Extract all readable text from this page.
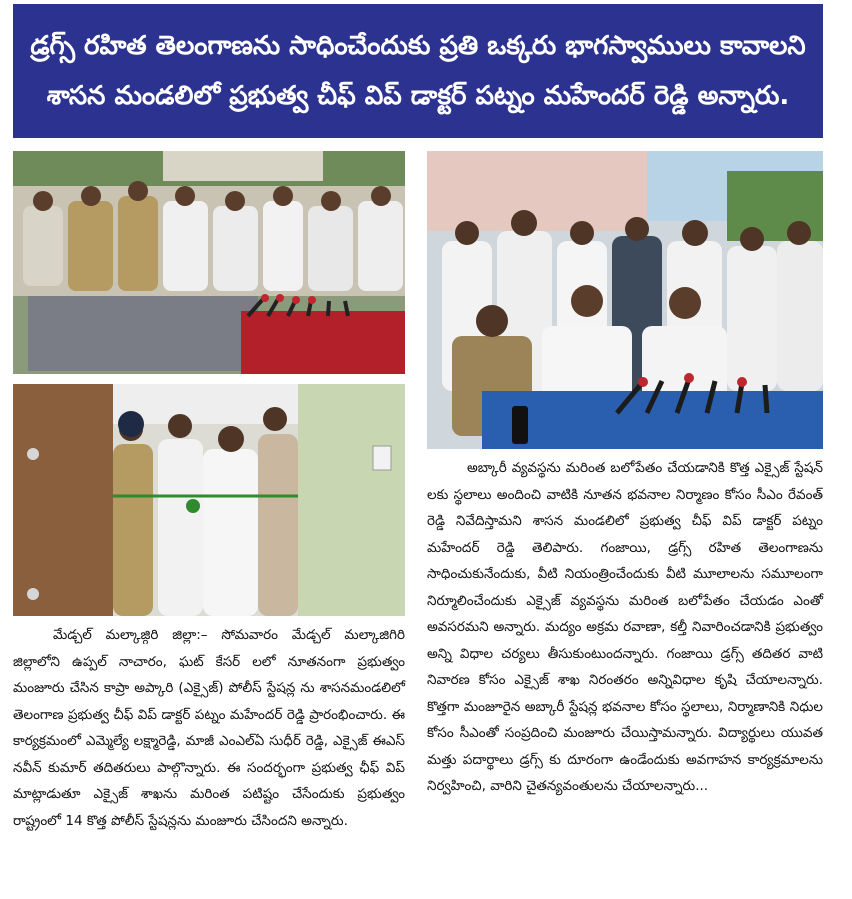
డ్రగ్స్ రహిత తెలంగాణను సాధించేందుకు ప్రతి ఒక్కరు భాగస్వాములు కావాలని
శాసన మండలిలో ప్రభుత్వ చీఫ్ విప్ డాక్టర్ పట్నం మహేందర్ రెడ్డి అన్నారు.

మేడ్చల్ మల్కాజ్గిరి జిల్లా:– సోమవారం మేడ్చల్ మల్కాజిగిరి జిల్లాలోని ఉప్పల్ నాచారం, ఘట్ కేసర్ లలో నూతనంగా ప్రభుత్వం మంజూరు చేసిన కాప్రా అప్కారి (ఎక్సైజ్) పోలీస్ స్టేషన్ల ను శాసనమండలిలో తెలంగాణ ప్రభుత్వ చీఫ్ విప్ డాక్టర్ పట్నం మహేందర్ రెడ్డి ప్రారంభించారు. ఈ కార్యక్రమంలో ఎమ్మెల్యే లక్ష్మారెడ్డి, మాజీ ఎంఎల్ఏ సుధీర్ రెడ్డి, ఎక్సైజ్ ఈఎస్ నవీన్ కుమార్ తదితరులు పాల్గొన్నారు. ఈ సందర్భంగా ప్రభుత్వ ఛీఫ్ విప్ మాట్లాడుతూ ఎక్సైజ్ శాఖను మరింత పటిష్టం చేసేందుకు ప్రభుత్వం రాష్ట్రంలో 14 కొత్త పోలీస్ స్టేషన్లను మంజూరు చేసిందని అన్నారు.

అబ్కారీ వ్యవస్థను మరింత బలోపేతం చేయడానికి కొత్త ఎక్సైజ్ స్టేషన్ లకు స్థలాలు అందించి వాటికి నూతన భవనాల నిర్మాణం కోసం సీఎం రేవంత్ రెడ్డి నివేదిస్తామని శాసన మండలిలో ప్రభుత్వ చీఫ్ విప్ డాక్టర్ పట్నం మహేందర్ రెడ్డి తెలిపారు. గంజాయి, డ్రగ్స్ రహిత తెలంగాణను సాధించుకునేందుకు, వీటి నియంత్రించేందుకు వీటి మూలాలను సమూలంగా నిర్మూలించేందుకు ఎక్సైజ్ వ్యవస్థను మరింత బలోపేతం చేయడం ఎంతో అవసరమని అన్నారు. మద్యం అక్రమ రవాణా, కల్తీ నివారించడానికి ప్రభుత్వం అన్ని విధాల చర్యలు తీసుకుంటుందన్నారు. గంజాయి డ్రగ్స్ తదితర వాటి నివారణ కోసం ఎక్సైజ్ శాఖ నిరంతరం అన్నివిధాల కృషి చేయాలన్నారు. కొత్తగా మంజూరైన అబ్కారీ స్టేషన్ల భవనాల కోసం స్థలాలు, నిర్మాణానికి నిధుల కోసం సీఎంతో సంప్రదించి మంజూరు చేయిస్తామన్నారు. విద్యార్థులు యువత మత్తు పదార్థాలు డ్రగ్స్ కు దూరంగా ఉండేందుకు అవగాహన కార్యక్రమాలను నిర్వహించి, వారిని చైతన్యవంతులను చేయాలన్నారు...
